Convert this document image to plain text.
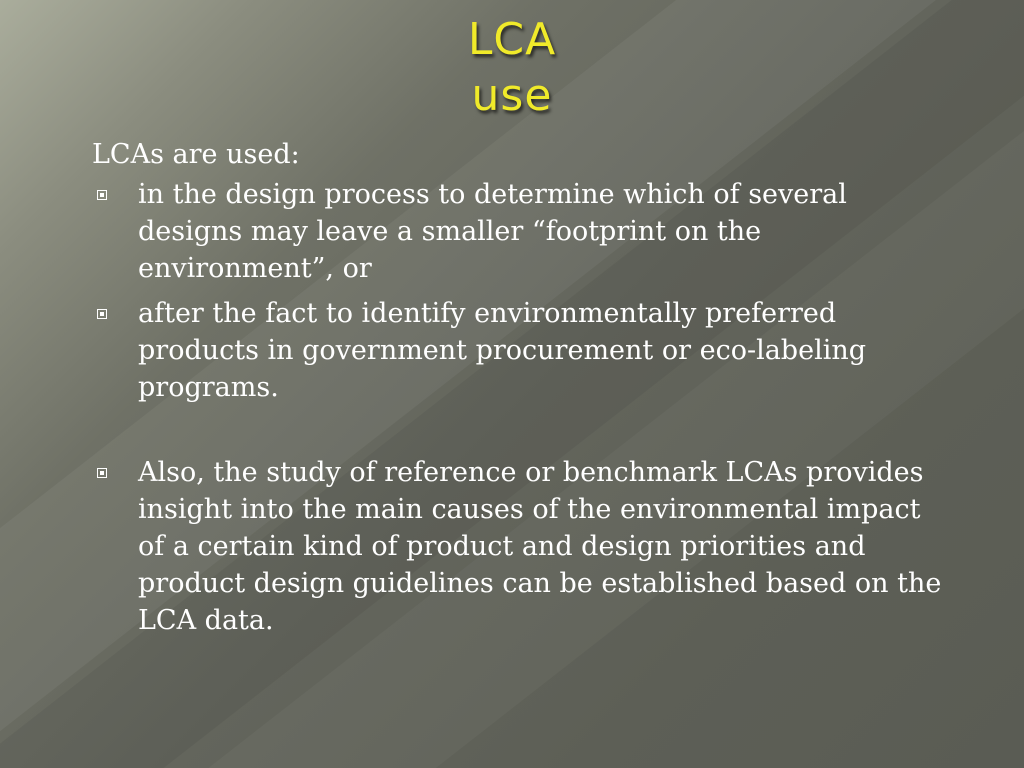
LCA
use

LCAs are used:

in the design process to determine which of several designs may leave a smaller “footprint on the environment”, or
after the fact to identify environmentally preferred products in government procurement or eco-labeling programs.
Also, the study of reference or benchmark LCAs provides insight into the main causes of the environmental impact of a certain kind of product and design priorities and product design guidelines can be established based on the LCA data.
